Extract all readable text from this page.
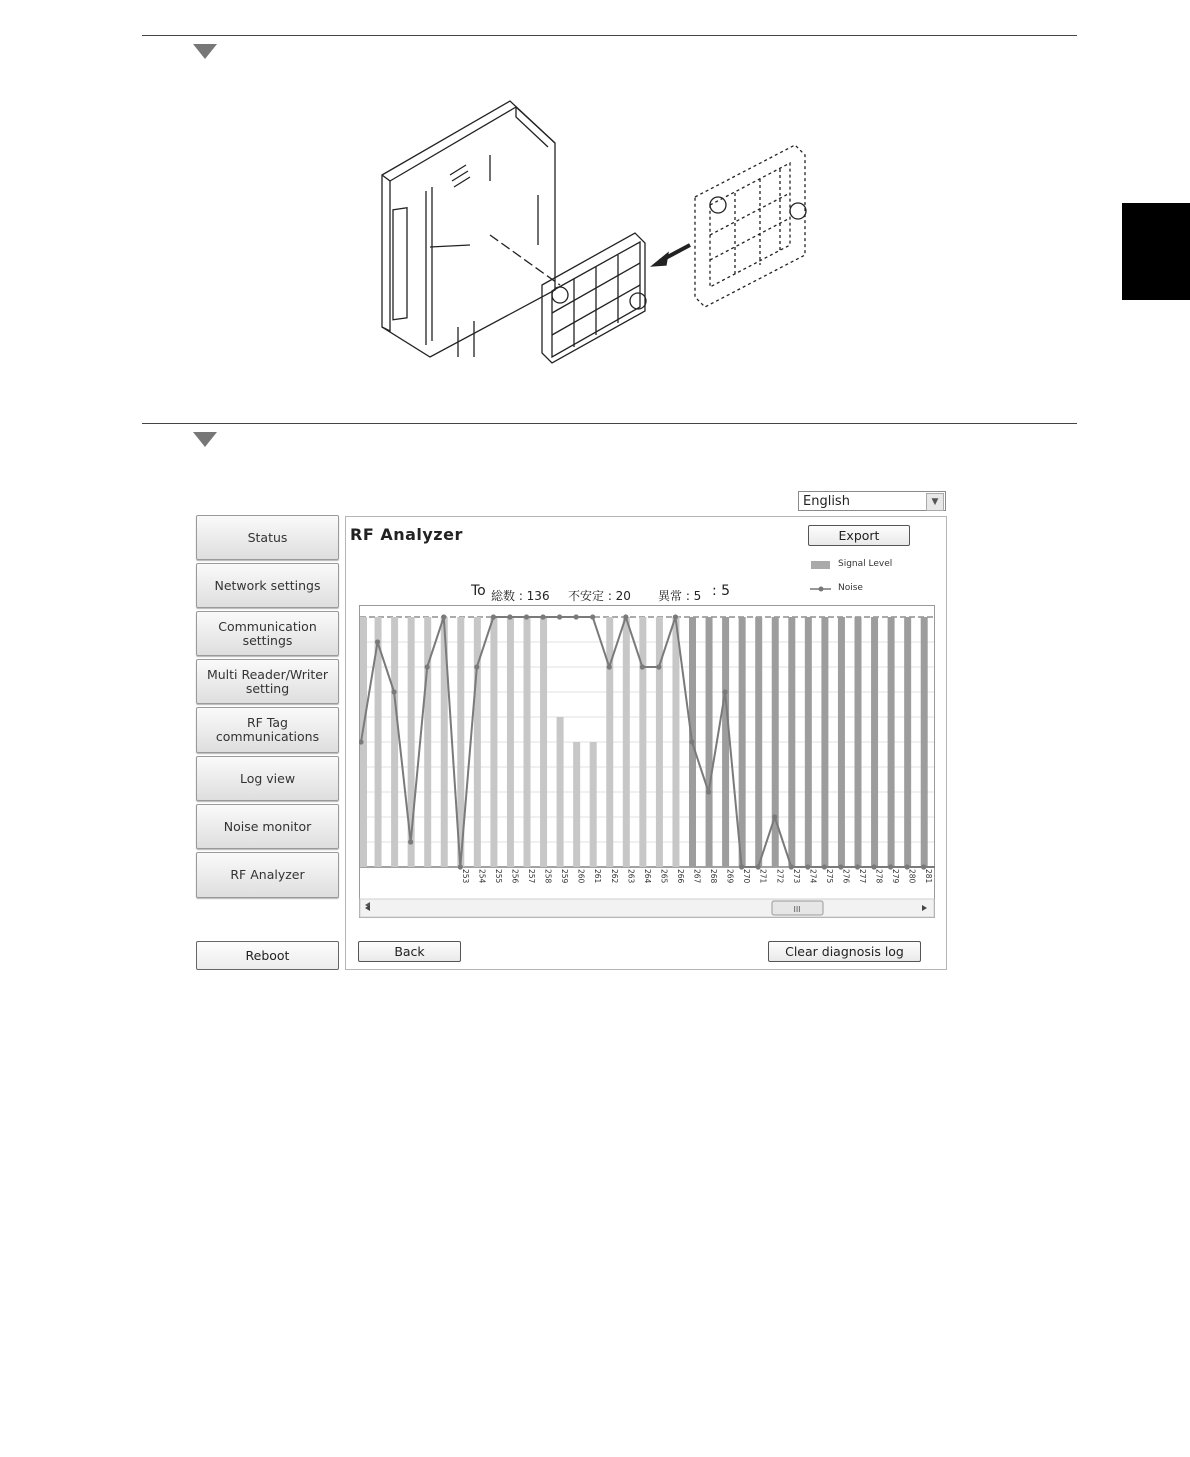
English	▼
Status
Network settings
Communication
settings
Multi Reader/Writer
setting
RF Tag
communications
Log view
Noise monitor
RF Analyzer
Reboot
RF Analyzer	Export
Signal Level
Noise
To 総数 : 136 不安定 : 20 異常 : 5 : 5
253 254 255 256 257 258 259 260 261 262 263 264 265 266 267 268 269 270 271 272 273 274 275 276 277 278 279 280 281
III
Back	Clear diagnosis log
